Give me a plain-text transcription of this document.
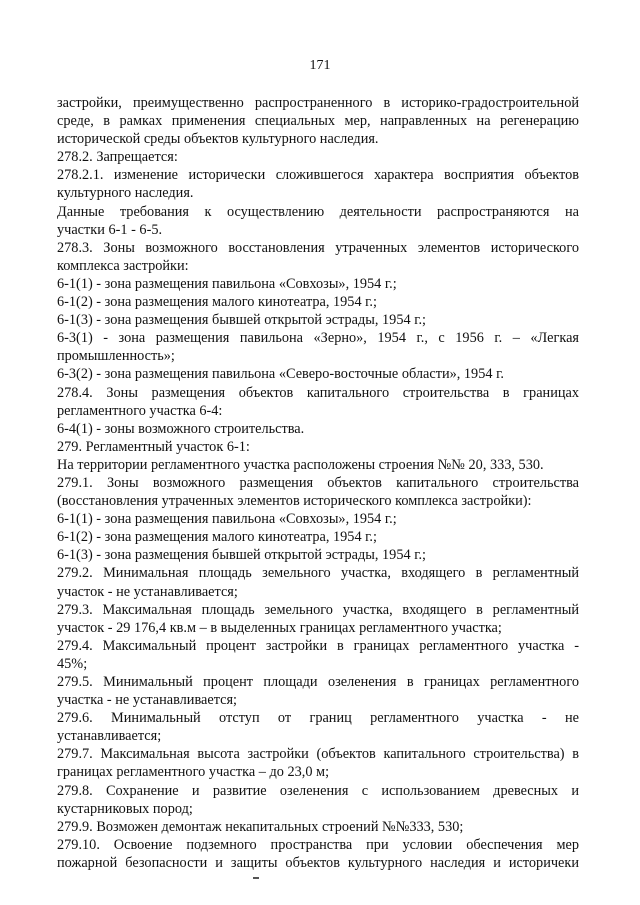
171
застройки, преимущественно распространенного в историко-градостроительной
среде, в рамках применения специальных мер, направленных на регенерацию
исторической среды объектов культурного наследия.
278.2. Запрещается:
278.2.1. изменение исторически сложившегося характера восприятия объектов
культурного наследия.
Данные требования к осуществлению деятельности распространяются на
участки 6-1 - 6-5.
278.3. Зоны возможного восстановления утраченных элементов исторического
комплекса застройки:
6-1(1) - зона размещения павильона «Совхозы», 1954 г.;
6-1(2) - зона размещения малого кинотеатра, 1954 г.;
6-1(3) - зона размещения бывшей открытой эстрады, 1954 г.;
6-3(1) - зона размещения павильона «Зерно», 1954 г., с 1956 г. – «Легкая
промышленность»;
6-3(2) - зона размещения павильона «Северо-восточные области», 1954 г.
278.4. Зоны размещения объектов капитального строительства в границах
регламентного участка 6-4:
6-4(1) - зоны возможного строительства.
279. Регламентный участок 6-1:
На территории регламентного участка расположены строения №№ 20, 333, 530.
279.1. Зоны возможного размещения объектов капитального строительства
(восстановления утраченных элементов исторического комплекса застройки):
6-1(1) - зона размещения павильона «Совхозы», 1954 г.;
6-1(2) - зона размещения малого кинотеатра, 1954 г.;
6-1(3) - зона размещения бывшей открытой эстрады, 1954 г.;
279.2. Минимальная площадь земельного участка, входящего в регламентный
участок - не устанавливается;
279.3. Максимальная площадь земельного участка, входящего в регламентный
участок - 29 176,4 кв.м – в выделенных границах регламентного участка;
279.4. Максимальный процент застройки в границах регламентного участка -
45%;
279.5. Минимальный процент площади озеленения в границах регламентного
участка - не устанавливается;
279.6. Минимальный отступ от границ регламентного участка - не
устанавливается;
279.7. Максимальная высота застройки (объектов капитального строительства) в
границах регламентного участка – до 23,0 м;
279.8. Сохранение и развитие озеленения с использованием древесных и
кустарниковых пород;
279.9. Возможен демонтаж некапитальных строений №№333, 530;
279.10. Освоение подземного пространства при условии обеспечения мер
пожарной безопасности и защиты объектов культурного наследия и историчеки
